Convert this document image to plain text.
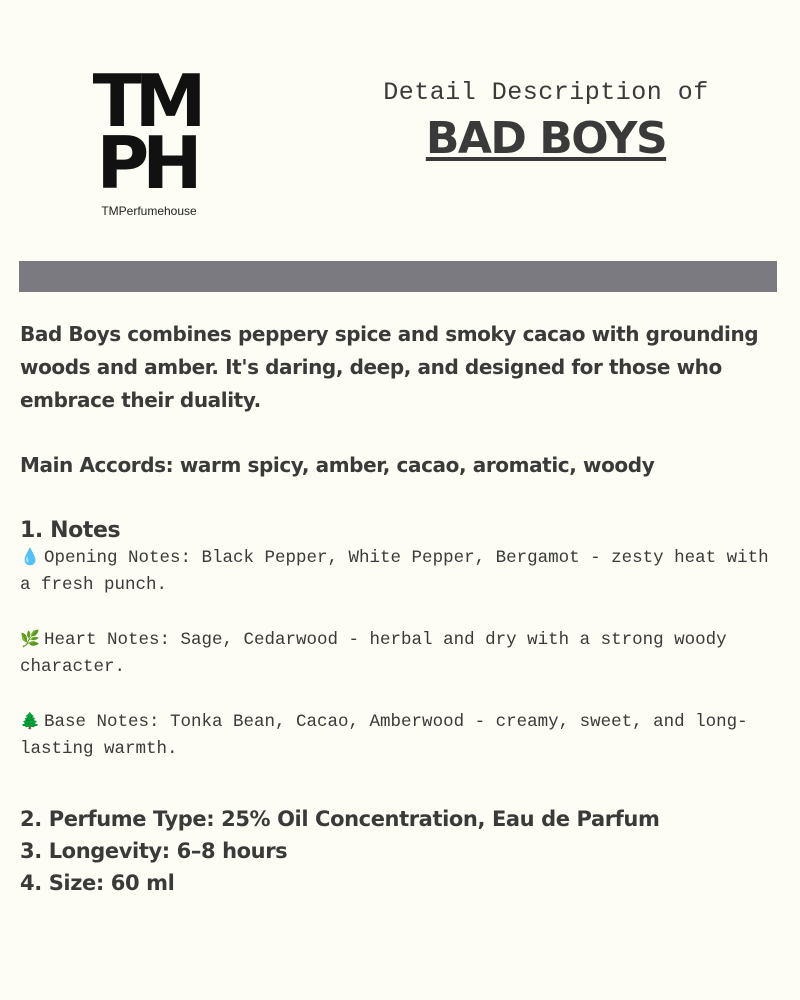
TM
PH
TMPerfumehouse
Detail Description of
BAD BOYS

Bad Boys combines peppery spice and smoky cacao with grounding woods and amber. It's daring, deep, and designed for those who embrace their duality.

Main Accords: warm spicy, amber, cacao, aromatic, woody

1. Notes

💧 Opening Notes: Black Pepper, White Pepper, Bergamot - zesty heat with a fresh punch.

🌿 Heart Notes: Sage, Cedarwood - herbal and dry with a strong woody character.

🌲 Base Notes: Tonka Bean, Cacao, Amberwood - creamy, sweet, and long-lasting warmth.

2. Perfume Type: 25% Oil Concentration, Eau de Parfum

3. Longevity: 6–8 hours

4. Size: 60 ml
